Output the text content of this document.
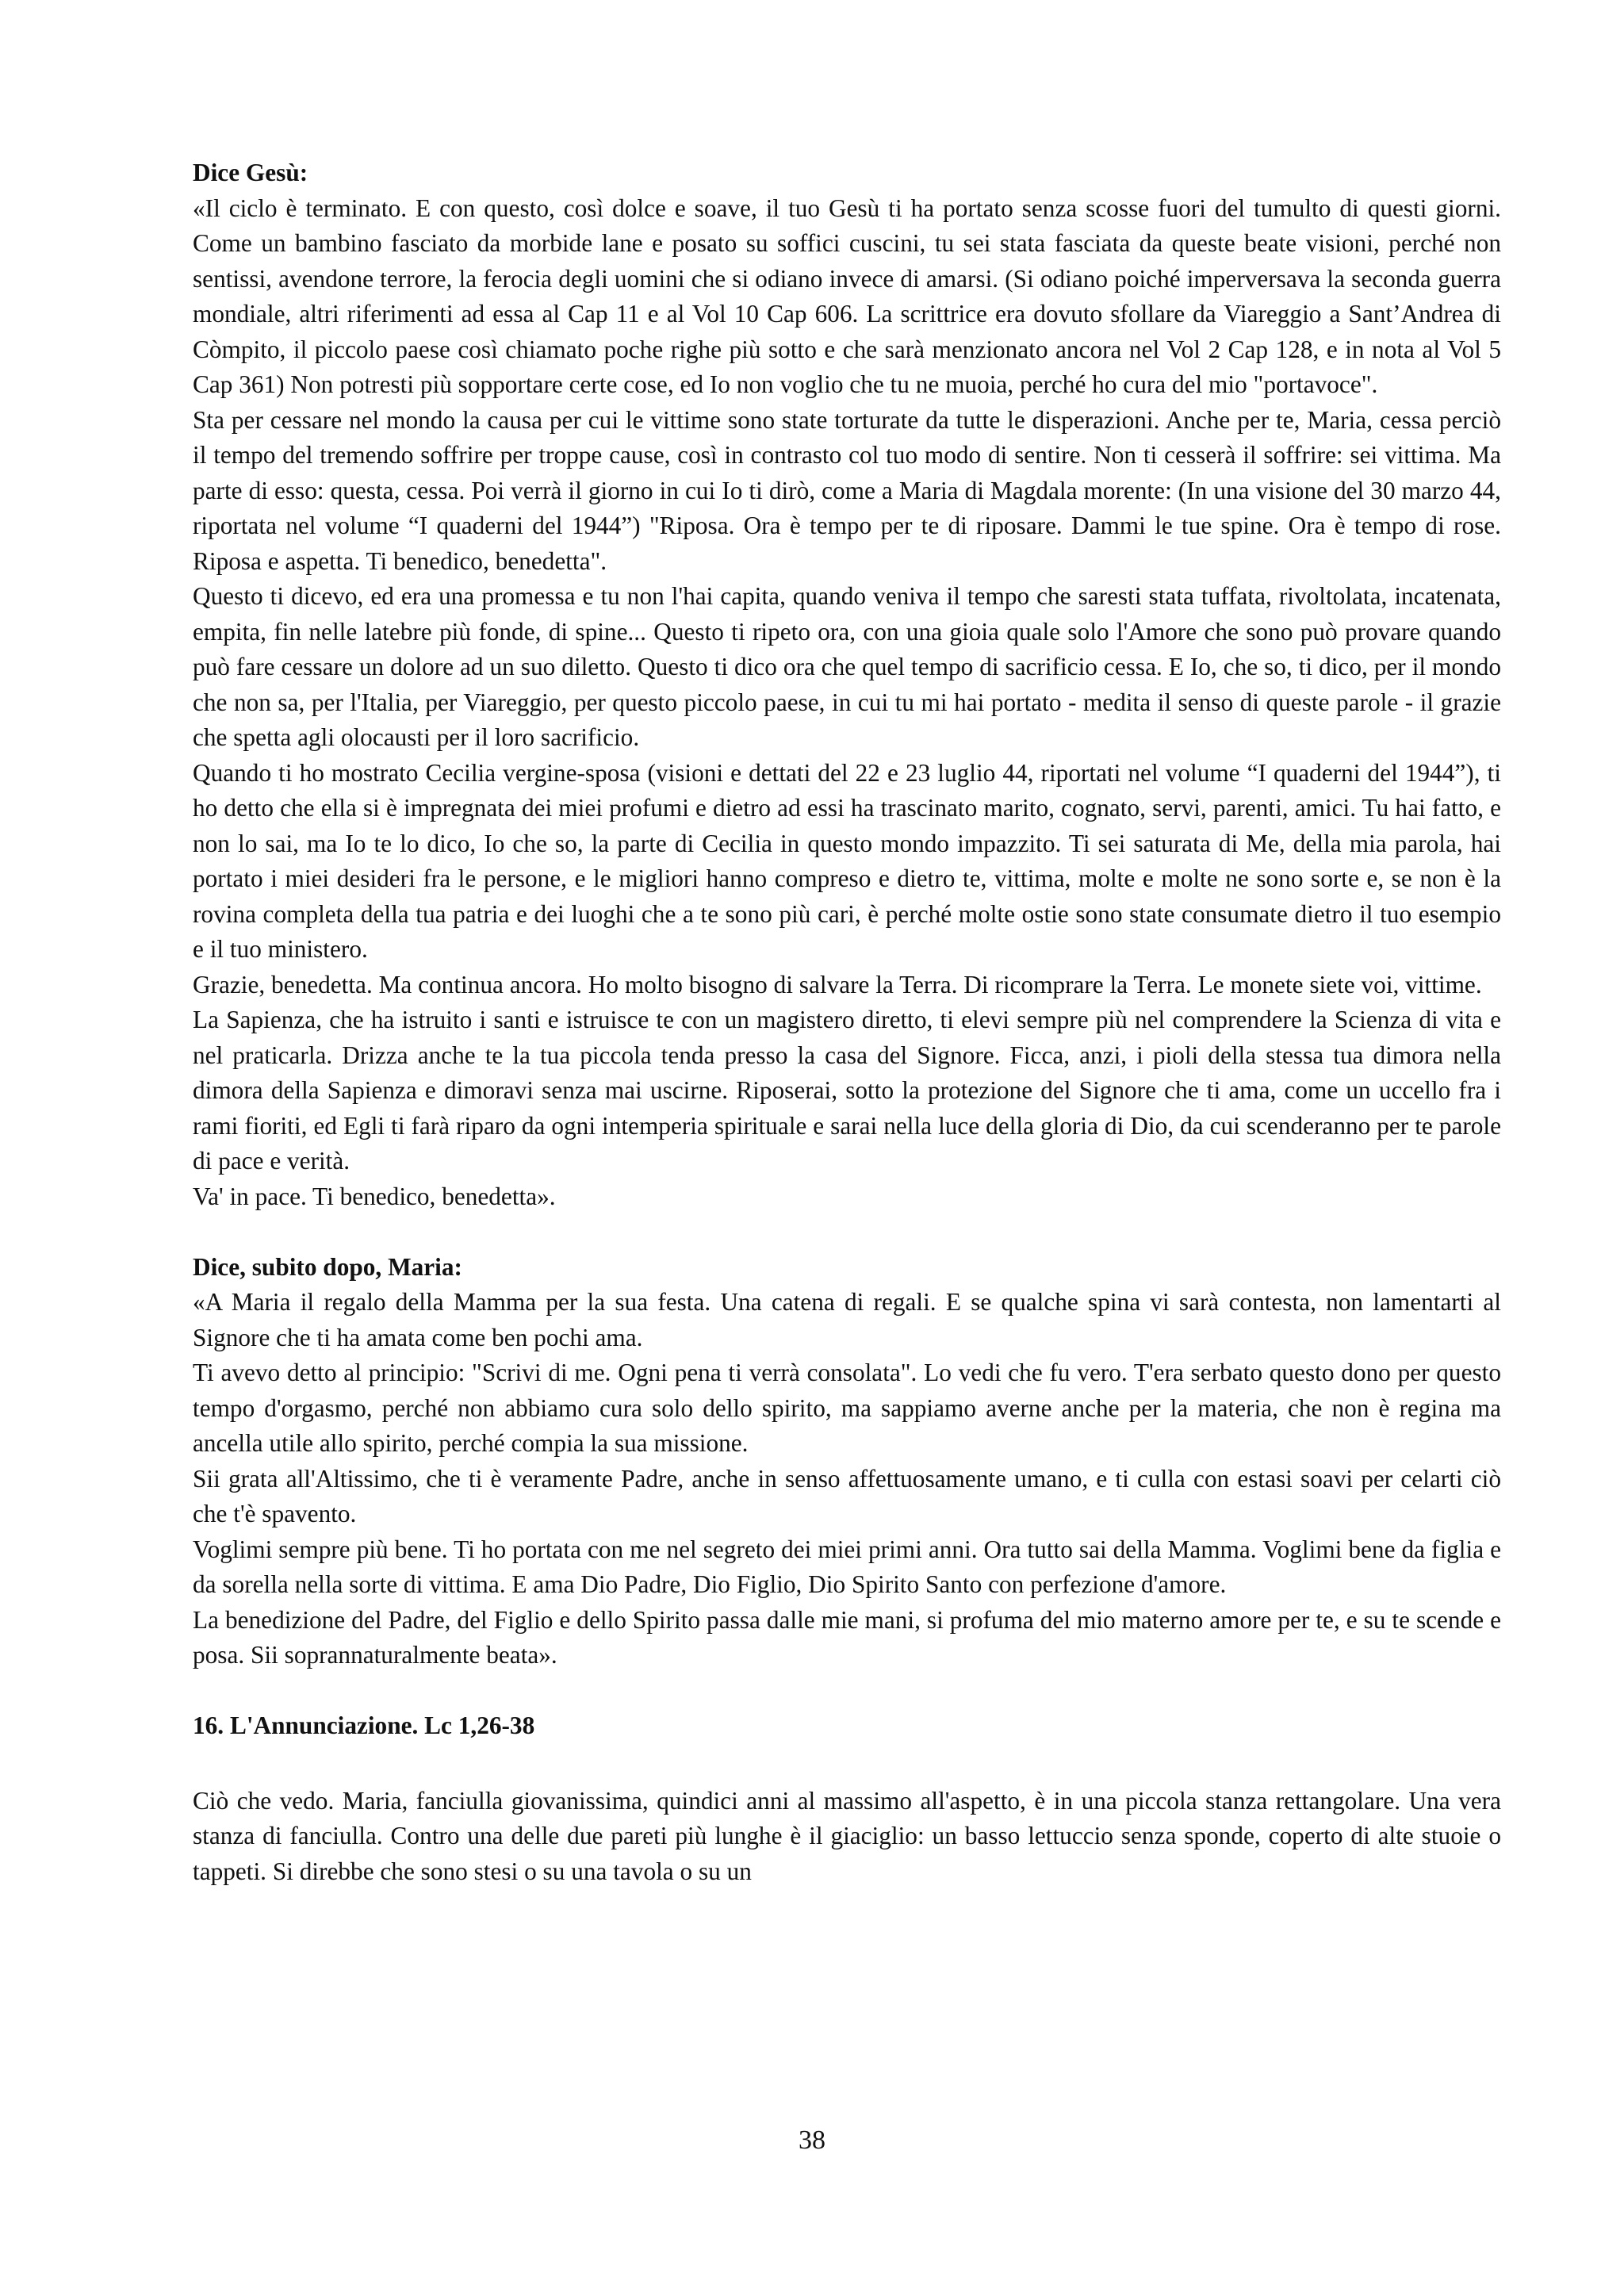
Dice Gesù:

«Il ciclo è terminato. E con questo, così dolce e soave, il tuo Gesù ti ha portato senza scosse fuori del tumulto di questi giorni. Come un bambino fasciato da morbide lane e posato su soffici cuscini, tu sei stata fasciata da queste beate visioni, perché non sentissi, avendone terrore, la ferocia degli uomini che si odiano invece di amarsi. (Si odiano poiché imperversava la seconda guerra mondiale, altri riferimenti ad essa al Cap 11 e al Vol 10 Cap 606. La scrittrice era dovuto sfollare da Viareggio a Sant’Andrea di Còmpito, il piccolo paese così chiamato poche righe più sotto e che sarà menzionato ancora nel Vol 2 Cap 128, e in nota al Vol 5 Cap 361) Non potresti più sopportare certe cose, ed Io non voglio che tu ne muoia, perché ho cura del mio "portavoce".

Sta per cessare nel mondo la causa per cui le vittime sono state torturate da tutte le disperazioni. Anche per te, Maria, cessa perciò il tempo del tremendo soffrire per troppe cause, così in contrasto col tuo modo di sentire. Non ti cesserà il soffrire: sei vittima. Ma parte di esso: questa, cessa. Poi verrà il giorno in cui Io ti dirò, come a Maria di Magdala morente: (In una visione del 30 marzo 44, riportata nel volume “I quaderni del 1944”) "Riposa. Ora è tempo per te di riposare. Dammi le tue spine. Ora è tempo di rose. Riposa e aspetta. Ti benedico, benedetta".

Questo ti dicevo, ed era una promessa e tu non l'hai capita, quando veniva il tempo che saresti stata tuffata, rivoltolata, incatenata, empita, fin nelle latebre più fonde, di spine... Questo ti ripeto ora, con una gioia quale solo l'Amore che sono può provare quando può fare cessare un dolore ad un suo diletto. Questo ti dico ora che quel tempo di sacrificio cessa. E Io, che so, ti dico, per il mondo che non sa, per l'Italia, per Viareggio, per questo piccolo paese, in cui tu mi hai portato - medita il senso di queste parole - il grazie che spetta agli olocausti per il loro sacrificio.

Quando ti ho mostrato Cecilia vergine-sposa (visioni e dettati del 22 e 23 luglio 44, riportati nel volume “I quaderni del 1944”), ti ho detto che ella si è impregnata dei miei profumi e dietro ad essi ha trascinato marito, cognato, servi, parenti, amici. Tu hai fatto, e non lo sai, ma Io te lo dico, Io che so, la parte di Cecilia in questo mondo impazzito. Ti sei saturata di Me, della mia parola, hai portato i miei desideri fra le persone, e le migliori hanno compreso e dietro te, vittima, molte e molte ne sono sorte e, se non è la rovina completa della tua patria e dei luoghi che a te sono più cari, è perché molte ostie sono state consumate dietro il tuo esempio e il tuo ministero.

Grazie, benedetta. Ma continua ancora. Ho molto bisogno di salvare la Terra. Di ricomprare la Terra. Le monete siete voi, vittime.

La Sapienza, che ha istruito i santi e istruisce te con un magistero diretto, ti elevi sempre più nel comprendere la Scienza di vita e nel praticarla. Drizza anche te la tua piccola tenda presso la casa del Signore. Ficca, anzi, i pioli della stessa tua dimora nella dimora della Sapienza e dimoravi senza mai uscirne. Riposerai, sotto la protezione del Signore che ti ama, come un uccello fra i rami fioriti, ed Egli ti farà riparo da ogni intemperia spirituale e sarai nella luce della gloria di Dio, da cui scenderanno per te parole di pace e verità.

Va' in pace. Ti benedico, benedetta».

Dice, subito dopo, Maria:

«A Maria il regalo della Mamma per la sua festa. Una catena di regali. E se qualche spina vi sarà contesta, non lamentarti al Signore che ti ha amata come ben pochi ama.

Ti avevo detto al principio: "Scrivi di me. Ogni pena ti verrà consolata". Lo vedi che fu vero. T'era serbato questo dono per questo tempo d'orgasmo, perché non abbiamo cura solo dello spirito, ma sappiamo averne anche per la materia, che non è regina ma ancella utile allo spirito, perché compia la sua missione.

Sii grata all'Altissimo, che ti è veramente Padre, anche in senso affettuosamente umano, e ti culla con estasi soavi per celarti ciò che t'è spavento.

Voglimi sempre più bene. Ti ho portata con me nel segreto dei miei primi anni. Ora tutto sai della Mamma. Voglimi bene da figlia e da sorella nella sorte di vittima. E ama Dio Padre, Dio Figlio, Dio Spirito Santo con perfezione d'amore.

La benedizione del Padre, del Figlio e dello Spirito passa dalle mie mani, si profuma del mio materno amore per te, e su te scende e posa. Sii soprannaturalmente beata».

16. L'Annunciazione. Lc 1,26-38

Ciò che vedo. Maria, fanciulla giovanissima, quindici anni al massimo all'aspetto, è in una piccola stanza rettangolare. Una vera stanza di fanciulla. Contro una delle due pareti più lunghe è il giaciglio: un basso lettuccio senza sponde, coperto di alte stuoie o tappeti. Si direbbe che sono stesi o su una tavola o su un

38
